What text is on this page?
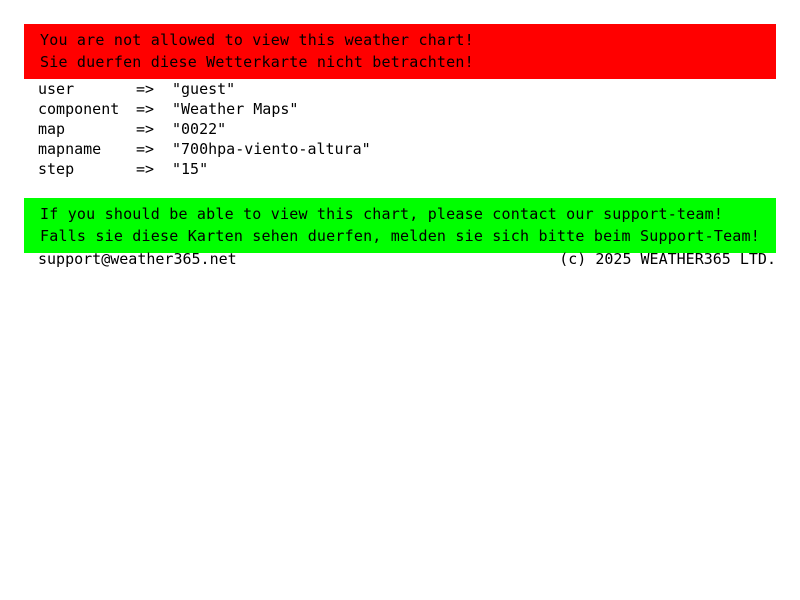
You are not allowed to view this weather chart!
Sie duerfen diese Wetterkarte nicht betrachten!
user	=>	"guest"
component	=>	"Weather Maps"
map	=>	"0022"
mapname	=>	"700hpa-viento-altura"
step	=>	"15"
If you should be able to view this chart, please contact our support-team!
Falls sie diese Karten sehen duerfen, melden sie sich bitte beim Support-Team!
support@weather365.net	(c) 2025 WEATHER365 LTD.
